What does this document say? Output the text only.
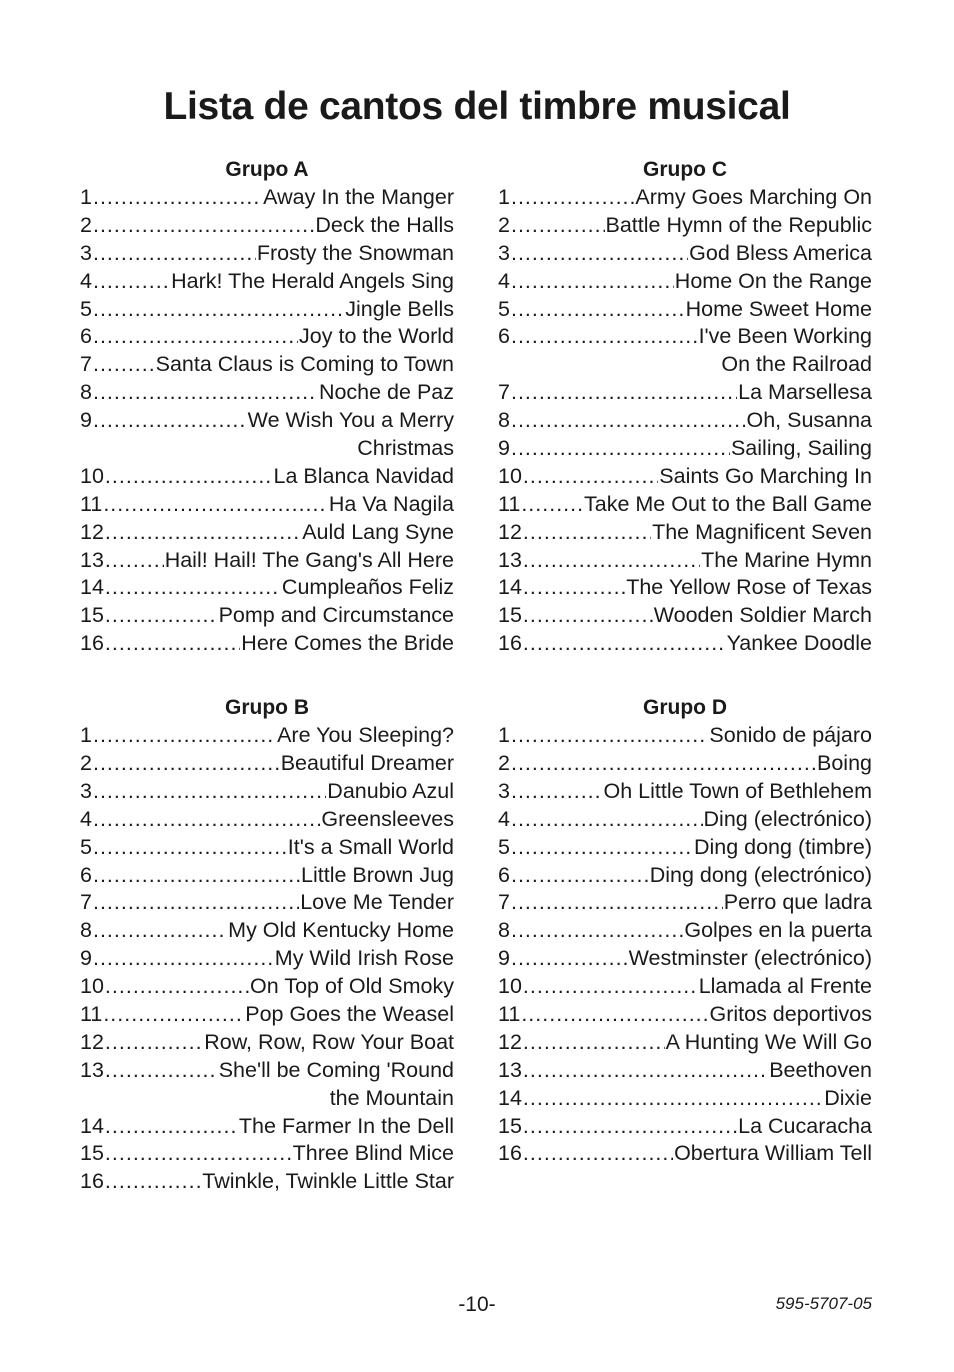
Lista de cantos del timbre musical
Grupo A
1 .....	Away In the Manger
2 .....	Deck the Halls
3 .....	Frosty the Snowman
4 .....	Hark! The Herald Angels Sing
5 .....	Jingle Bells
6 .....	Joy to the World
7 .....	Santa Claus is Coming to Town
8 .....	Noche de Paz
9 .....	We Wish You a Merry
Christmas
10 .....	La Blanca Navidad
11 .....	Ha Va Nagila
12 .....	Auld Lang Syne
13 .....	Hail! Hail! The Gang's All Here
14 .....	Cumpleaños Feliz
15 .....	Pomp and Circumstance
16 .....	Here Comes the Bride
Grupo B
1 .....	Are You Sleeping?
2 .....	Beautiful Dreamer
3 .....	Danubio Azul
4 .....	Greensleeves
5 .....	It's a Small World
6 .....	Little Brown Jug
7 .....	Love Me Tender
8 .....	My Old Kentucky Home
9 .....	My Wild Irish Rose
10 .....	On Top of Old Smoky
11 .....	Pop Goes the Weasel
12 .....	Row, Row, Row Your Boat
13 .....	She'll be Coming 'Round
the Mountain
14 .....	The Farmer In the Dell
15 .....	Three Blind Mice
16 .....	Twinkle, Twinkle Little Star
Grupo C
1 .....	Army Goes Marching On
2 .....	Battle Hymn of the Republic
3 .....	God Bless America
4 .....	Home On the Range
5 .....	Home Sweet Home
6 .....	I've Been Working
On the Railroad
7 .....	La Marsellesa
8 .....	Oh, Susanna
9 .....	Sailing, Sailing
10 .....	Saints Go Marching In
11 .....	Take Me Out to the Ball Game
12 .....	The Magnificent Seven
13 .....	The Marine Hymn
14 .....	The Yellow Rose of Texas
15 .....	Wooden Soldier March
16 .....	Yankee Doodle
Grupo D
1 .....	Sonido de pájaro
2 .....	Boing
3 .....	Oh Little Town of Bethlehem
4 .....	Ding (electrónico)
5 .....	Ding dong (timbre)
6 .....	Ding dong (electrónico)
7 .....	Perro que ladra
8 .....	Golpes en la puerta
9 .....	Westminster (electrónico)
10 .....	Llamada al Frente
11 .....	Gritos deportivos
12 .....	A Hunting We Will Go
13 .....	Beethoven
14 .....	Dixie
15 .....	La Cucaracha
16 .....	Obertura William Tell
-10-	595-5707-05
